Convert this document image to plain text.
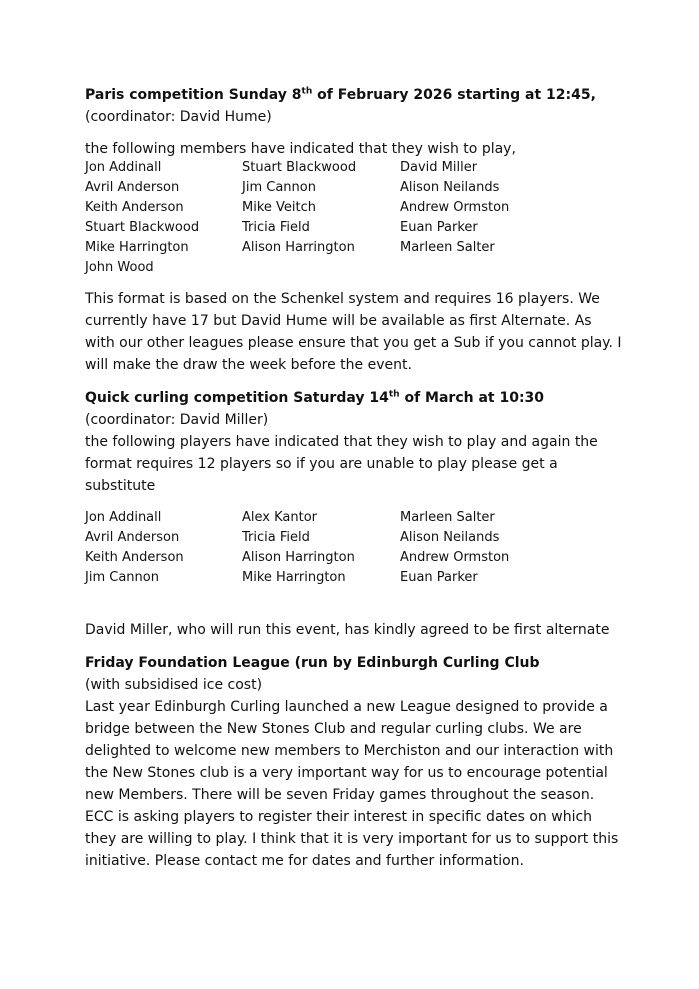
Paris competition Sunday 8th of February 2026 starting at 12:45,

(coordinator: David Hume)

the following members have indicated that they wish to play,

Jon Addinall	Stuart Blackwood	David Miller
Avril Anderson	Jim Cannon	Alison Neilands
Keith Anderson	Mike Veitch	Andrew Ormston
Stuart Blackwood	Tricia Field	Euan Parker
Mike Harrington	Alison Harrington	Marleen Salter
John Wood

This format is based on the Schenkel system and requires 16 players. We currently have 17 but David Hume will be available as first Alternate. As with our other leagues please ensure that you get a Sub if you cannot play. I will make the draw the week before the event.

Quick curling competition Saturday 14th of March at 10:30

(coordinator: David Miller)

the following players have indicated that they wish to play and again the format requires 12 players so if you are unable to play please get a substitute

Jon Addinall	Alex Kantor	Marleen Salter
Avril Anderson	Tricia Field	Alison Neilands
Keith Anderson	Alison Harrington	Andrew Ormston
Jim Cannon	Mike Harrington	Euan Parker

David Miller, who will run this event, has kindly agreed to be first alternate

Friday Foundation League (run by Edinburgh Curling Club

(with subsidised ice cost)

Last year Edinburgh Curling launched a new League designed to provide a bridge between the New Stones Club and regular curling clubs. We are delighted to welcome new members to Merchiston and our interaction with the New Stones club is a very important way for us to encourage potential new Members. There will be seven Friday games throughout the season. ECC is asking players to register their interest in specific dates on which they are willing to play. I think that it is very important for us to support this initiative. Please contact me for dates and further information.
